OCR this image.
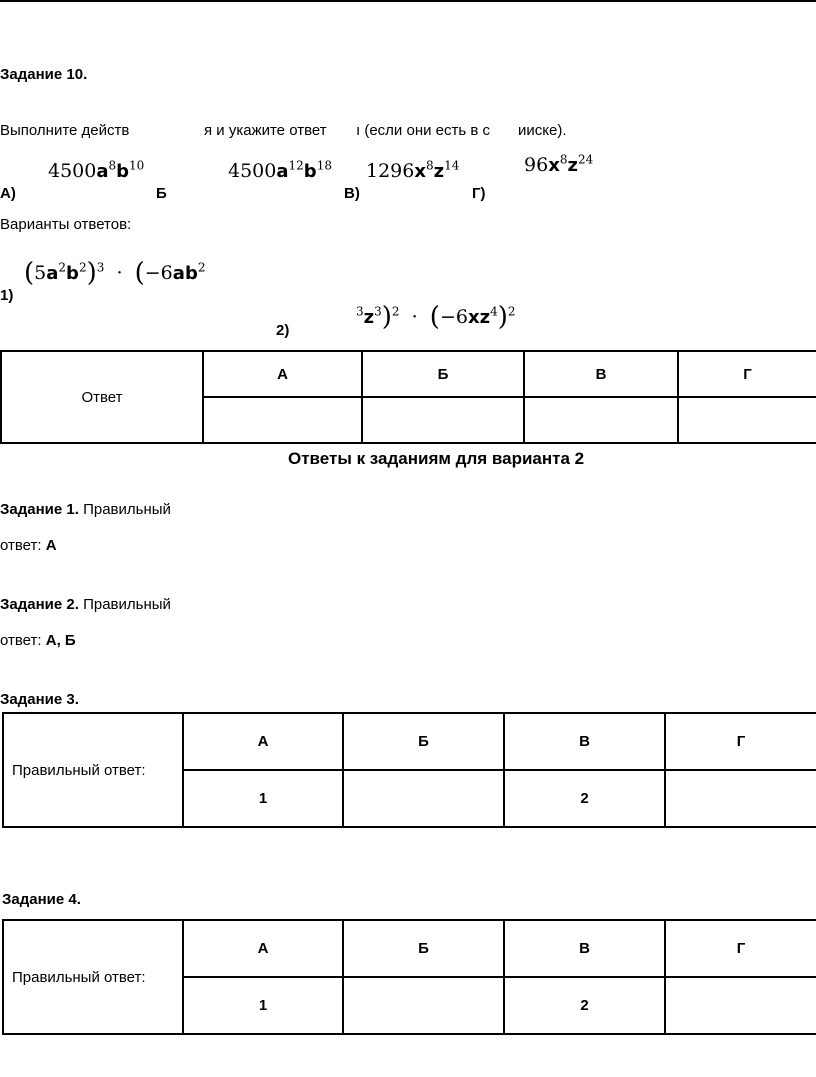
Задание 10.
Выполните действ	я и укажите ответ ı (если они есть в с ииске).
А)
$4500a^8b^{10}$
Б
$4500a^{12}b^{18}$
В)
$1296x^8z^{14}$
Г)
$96x^8z^{24}$
Варианты ответов:
1)
$(5a^2b^2)^3 \cdot (-6ab^2$
2)
$^3z^3)^2 \cdot (-6xz^4)^2$
Ответ	А	Б	В	Г

Ответы к заданиям для варианта 2
Задание 1. Правильный
ответ: А
Задание 2. Правильный
ответ: А, Б
Задание 3.
Правильный ответ:	А	Б	В	Г
	1		2	
Задание 4.
Правильный ответ:	А	Б	В	Г
	1		2	
